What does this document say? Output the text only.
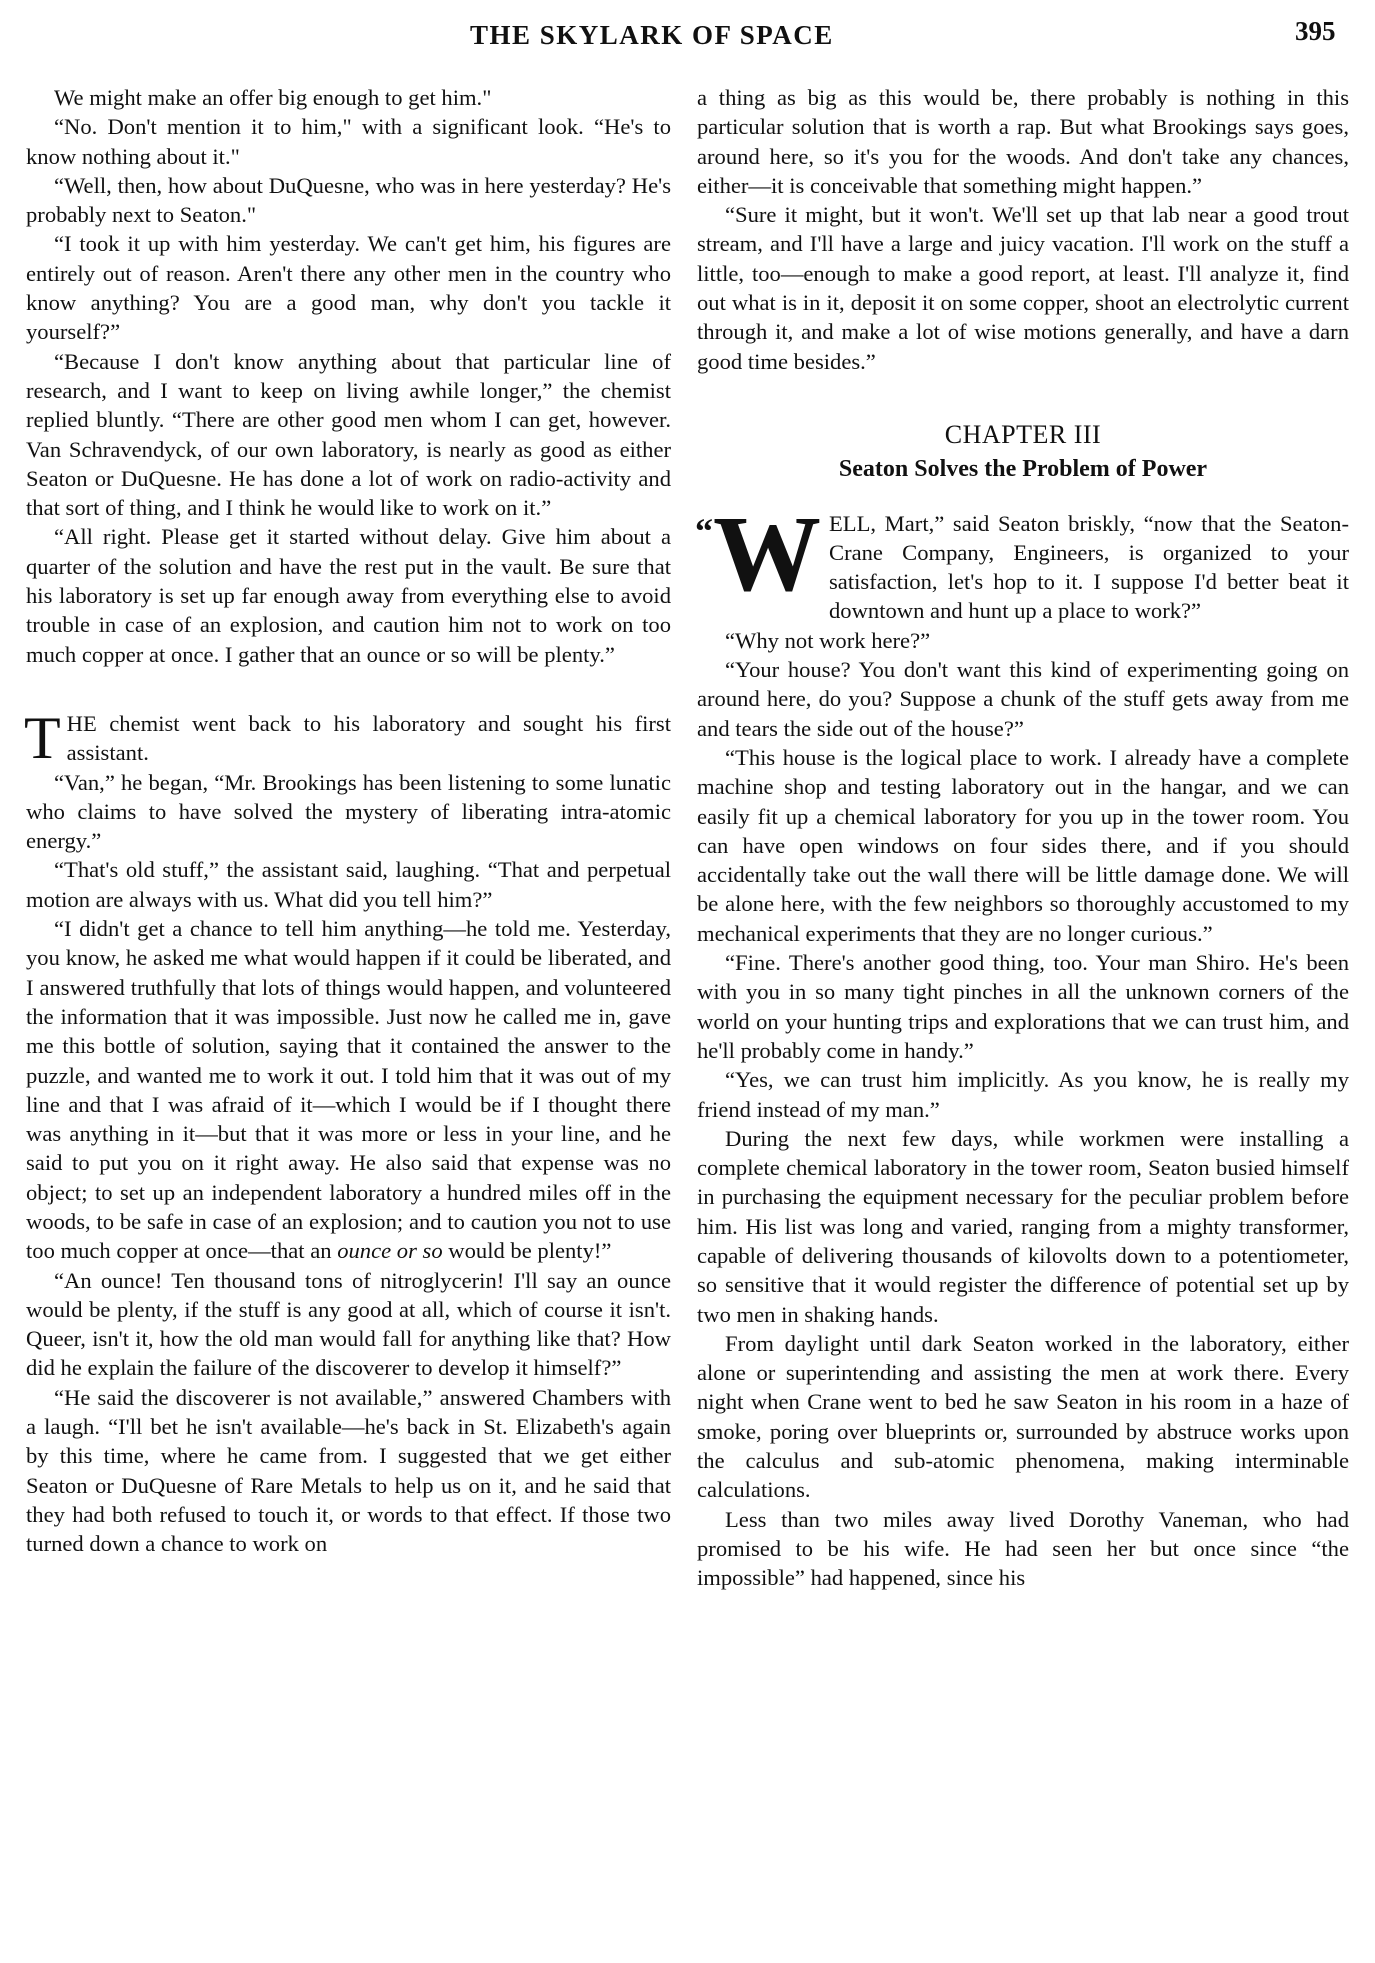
THE SKYLARK OF SPACE	395

We might make an offer big enough to get him."

“No. Don't mention it to him," with a significant look. “He's to know nothing about it."

“Well, then, how about DuQuesne, who was in here yesterday? He's probably next to Seaton."

“I took it up with him yesterday. We can't get him, his figures are entirely out of reason. Aren't there any other men in the country who know anything? You are a good man, why don't you tackle it yourself?”

“Because I don't know anything about that particular line of research, and I want to keep on living awhile longer,” the chemist replied bluntly. “There are other good men whom I can get, however. Van Schravendyck, of our own laboratory, is nearly as good as either Seaton or DuQuesne. He has done a lot of work on radio-activity and that sort of thing, and I think he would like to work on it.”

“All right. Please get it started without delay. Give him about a quarter of the solution and have the rest put in the vault. Be sure that his laboratory is set up far enough away from everything else to avoid trouble in case of an explosion, and caution him not to work on too much copper at once. I gather that an ounce or so will be plenty.”

THE chemist went back to his laboratory and sought his first assistant.

“Van,” he began, “Mr. Brookings has been listening to some lunatic who claims to have solved the mystery of liberating intra-atomic energy.”

“That's old stuff,” the assistant said, laughing. “That and perpetual motion are always with us. What did you tell him?”

“I didn't get a chance to tell him anything—he told me. Yesterday, you know, he asked me what would happen if it could be liberated, and I answered truthfully that lots of things would happen, and volunteered the information that it was impossible. Just now he called me in, gave me this bottle of solution, saying that it contained the answer to the puzzle, and wanted me to work it out. I told him that it was out of my line and that I was afraid of it—which I would be if I thought there was anything in it—but that it was more or less in your line, and he said to put you on it right away. He also said that expense was no object; to set up an independent laboratory a hundred miles off in the woods, to be safe in case of an explosion; and to caution you not to use too much copper at once—that an ounce or so would be plenty!”

“An ounce! Ten thousand tons of nitroglycerin! I'll say an ounce would be plenty, if the stuff is any good at all, which of course it isn't. Queer, isn't it, how the old man would fall for anything like that? How did he explain the failure of the discoverer to develop it himself?”

“He said the discoverer is not available,” answered Chambers with a laugh. “I'll bet he isn't available—he's back in St. Elizabeth's again by this time, where he came from. I suggested that we get either Seaton or DuQuesne of Rare Metals to help us on it, and he said that they had both refused to touch it, or words to that effect. If those two turned down a chance to work on

a thing as big as this would be, there probably is nothing in this particular solution that is worth a rap. But what Brookings says goes, around here, so it's you for the woods. And don't take any chances, either—it is conceivable that something might happen.”

“Sure it might, but it won't. We'll set up that lab near a good trout stream, and I'll have a large and juicy vacation. I'll work on the stuff a little, too—enough to make a good report, at least. I'll analyze it, find out what is in it, deposit it on some copper, shoot an electrolytic current through it, and make a lot of wise motions generally, and have a darn good time besides.”

CHAPTER III

Seaton Solves the Problem of Power

“W ELL, Mart,” said Seaton briskly, “now that the Seaton-Crane Company, Engineers, is organized to your satisfaction, let's hop to it. I suppose I'd better beat it downtown and hunt up a place to work?”

“Why not work here?”

“Your house? You don't want this kind of experimenting going on around here, do you? Suppose a chunk of the stuff gets away from me and tears the side out of the house?”

“This house is the logical place to work. I already have a complete machine shop and testing laboratory out in the hangar, and we can easily fit up a chemical laboratory for you up in the tower room. You can have open windows on four sides there, and if you should accidentally take out the wall there will be little damage done. We will be alone here, with the few neighbors so thoroughly accustomed to my mechanical experiments that they are no longer curious.”

“Fine. There's another good thing, too. Your man Shiro. He's been with you in so many tight pinches in all the unknown corners of the world on your hunting trips and explorations that we can trust him, and he'll probably come in handy.”

“Yes, we can trust him implicitly. As you know, he is really my friend instead of my man.”

During the next few days, while workmen were installing a complete chemical laboratory in the tower room, Seaton busied himself in purchasing the equipment necessary for the peculiar problem before him. His list was long and varied, ranging from a mighty transformer, capable of delivering thousands of kilovolts down to a potentiometer, so sensitive that it would register the difference of potential set up by two men in shaking hands.

From daylight until dark Seaton worked in the laboratory, either alone or superintending and assisting the men at work there. Every night when Crane went to bed he saw Seaton in his room in a haze of smoke, poring over blueprints or, surrounded by abstruce works upon the calculus and sub-atomic phenomena, making interminable calculations.

Less than two miles away lived Dorothy Vaneman, who had promised to be his wife. He had seen her but once since “the impossible” had happened, since his
